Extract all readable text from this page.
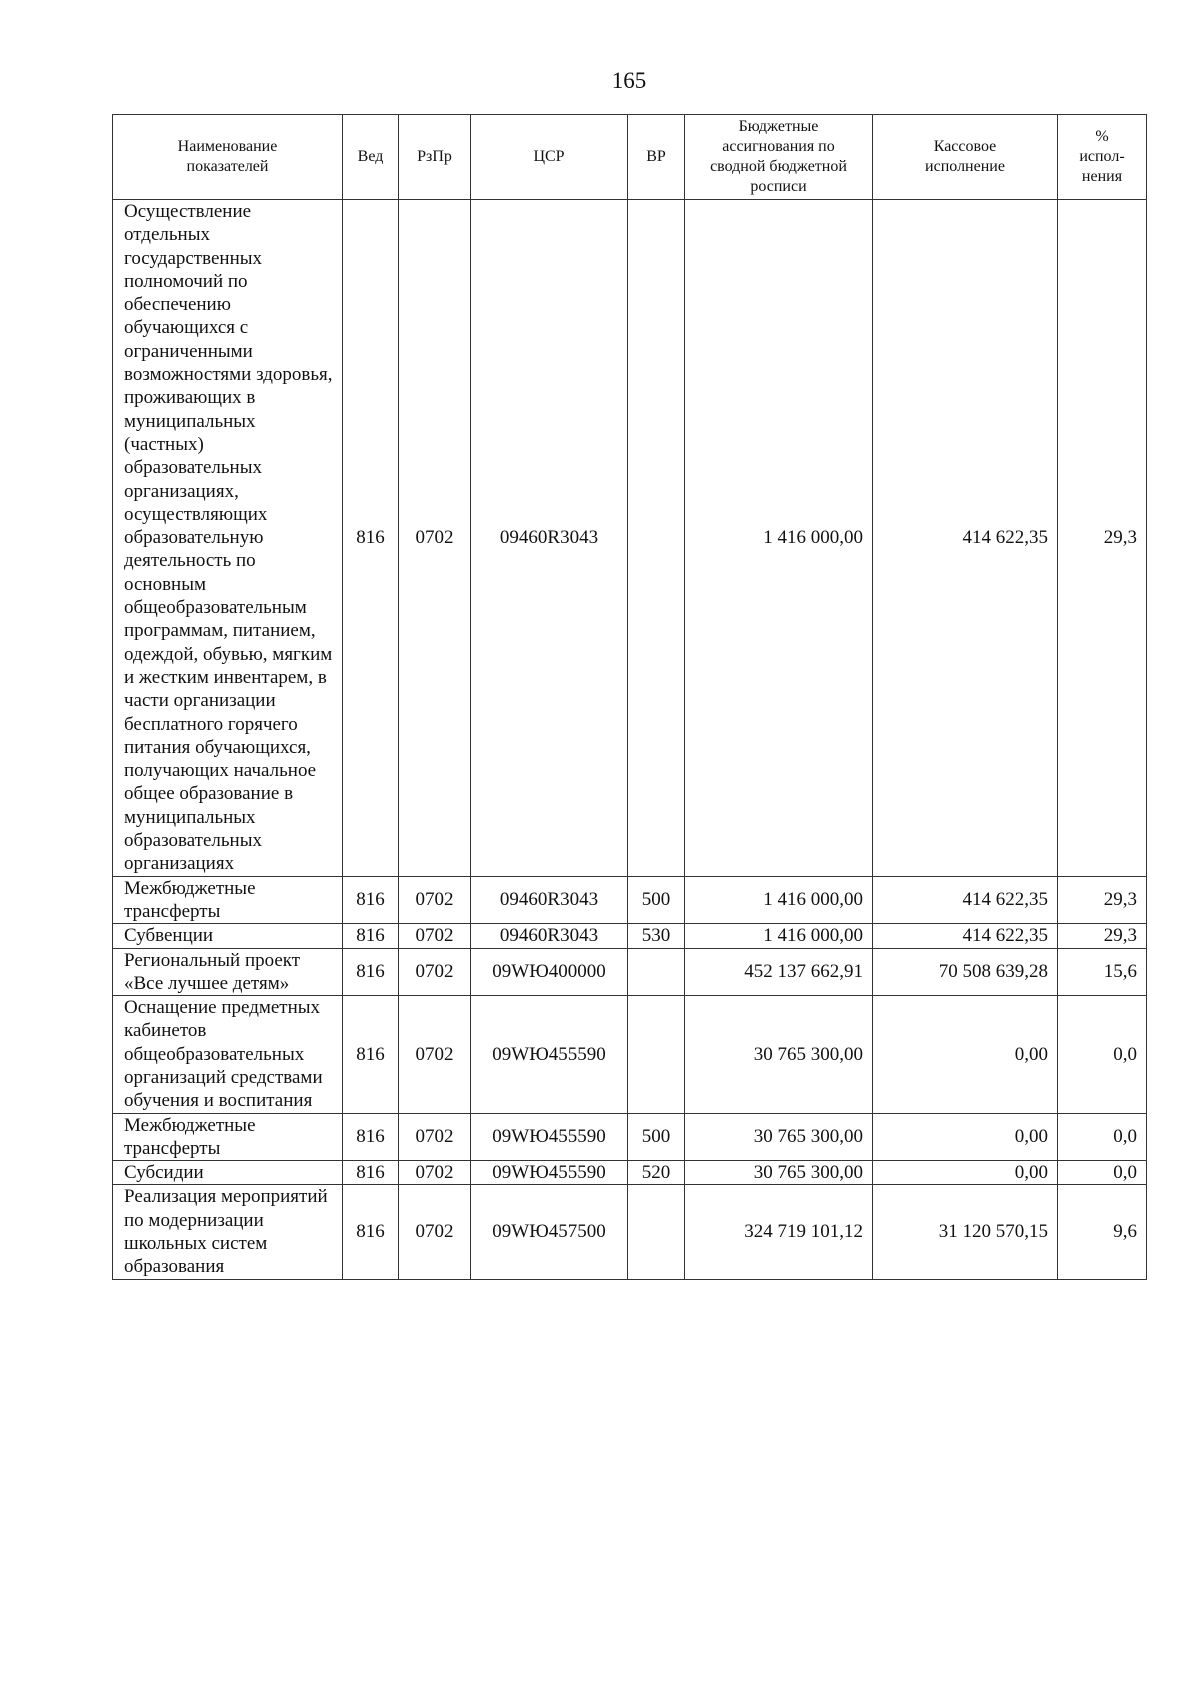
165
Наименование показателей	Вед	РзПр	ЦСР	ВР	Бюджетные ассигнования по сводной бюджетной росписи	Кассовое исполнение	%
испол-
нения

Осуществление отдельных государственных полномочий по обеспечению обучающихся с ограниченными возможностями здоровья, проживающих в муниципальных (частных) образовательных организациях, осуществляющих образовательную деятельность по основным общеобразовательным программам, питанием, одеждой, обувью, мягким и жестким инвентарем, в части организации бесплатного горячего питания обучающихся, получающих начальное общее образование в муниципальных образовательных организациях	816	0702	09460R3043		1 416 000,00	414 622,35	29,3
Межбюджетные трансферты	816	0702	09460R3043	500	1 416 000,00	414 622,35	29,3
Субвенции	816	0702	09460R3043	530	1 416 000,00	414 622,35	29,3
Региональный проект «Все лучшее детям»	816	0702	09WЮ400000		452 137 662,91	70 508 639,28	15,6
Оснащение предметных кабинетов общеобразовательных организаций средствами обучения и воспитания	816	0702	09WЮ455590		30 765 300,00	0,00	0,0
Межбюджетные трансферты	816	0702	09WЮ455590	500	30 765 300,00	0,00	0,0
Субсидии	816	0702	09WЮ455590	520	30 765 300,00	0,00	0,0
Реализация мероприятий по модернизации школьных систем образования	816	0702	09WЮ457500		324 719 101,12	31 120 570,15	9,6
